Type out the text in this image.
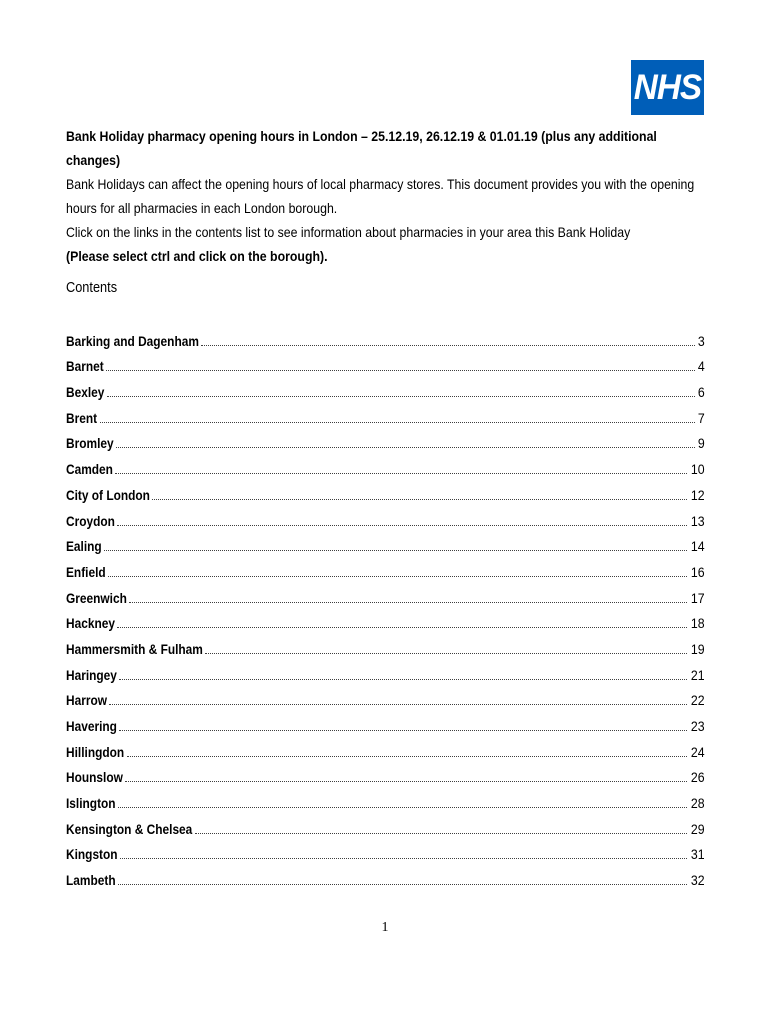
NHS
Bank Holiday pharmacy opening hours in London – 25.12.19, 26.12.19 & 01.01.19 (plus any additional changes)
Bank Holidays can affect the opening hours of local pharmacy stores. This document provides you with the opening hours for all pharmacies in each London borough.
Click on the links in the contents list to see information about pharmacies in your area this Bank Holiday
(Please select ctrl and click on the borough).
Contents
Barking and Dagenham	3
Barnet	4
Bexley	6
Brent	7
Bromley	9
Camden	10
City of London	12
Croydon	13
Ealing	14
Enfield	16
Greenwich	17
Hackney	18
Hammersmith & Fulham	19
Haringey	21
Harrow	22
Havering	23
Hillingdon	24
Hounslow	26
Islington	28
Kensington & Chelsea	29
Kingston	31
Lambeth	32
1
